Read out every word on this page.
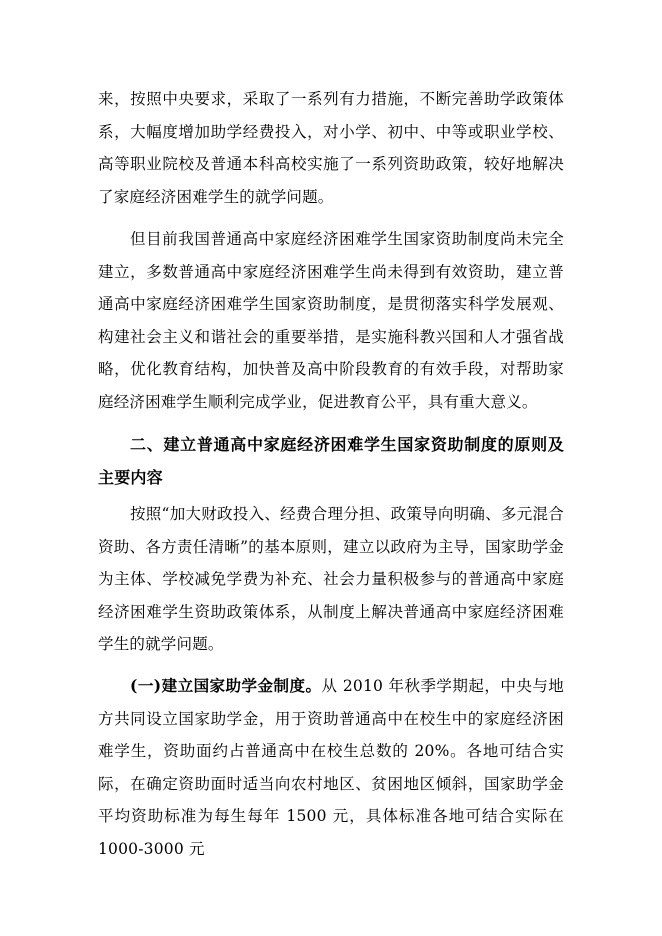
来，按照中央要求，采取了一系列有力措施，不断完善助学政策体系，大幅度增加助学经费投入，对小学、初中、中等或职业学校、高等职业院校及普通本科高校实施了一系列资助政策，较好地解决了家庭经济困难学生的就学问题。

但目前我国普通高中家庭经济困难学生国家资助制度尚未完全建立，多数普通高中家庭经济困难学生尚未得到有效资助，建立普通高中家庭经济困难学生国家资助制度，是贯彻落实科学发展观、构建社会主义和谐社会的重要举措，是实施科教兴国和人才强省战略，优化教育结构，加快普及高中阶段教育的有效手段，对帮助家庭经济困难学生顺利完成学业，促进教育公平，具有重大意义。

二、建立普通高中家庭经济困难学生国家资助制度的原则及主要内容

按照“加大财政投入、经费合理分担、政策导向明确、多元混合资助、各方责任清晰”的基本原则，建立以政府为主导，国家助学金为主体、学校减免学费为补充、社会力量积极参与的普通高中家庭经济困难学生资助政策体系，从制度上解决普通高中家庭经济困难学生的就学问题。

(一)建立国家助学金制度。从 2010 年秋季学期起，中央与地方共同设立国家助学金，用于资助普通高中在校生中的家庭经济困难学生，资助面约占普通高中在校生总数的 20%。各地可结合实际，在确定资助面时适当向农村地区、贫困地区倾斜，国家助学金平均资助标准为每生每年 1500 元，具体标准各地可结合实际在 1000-3000 元
